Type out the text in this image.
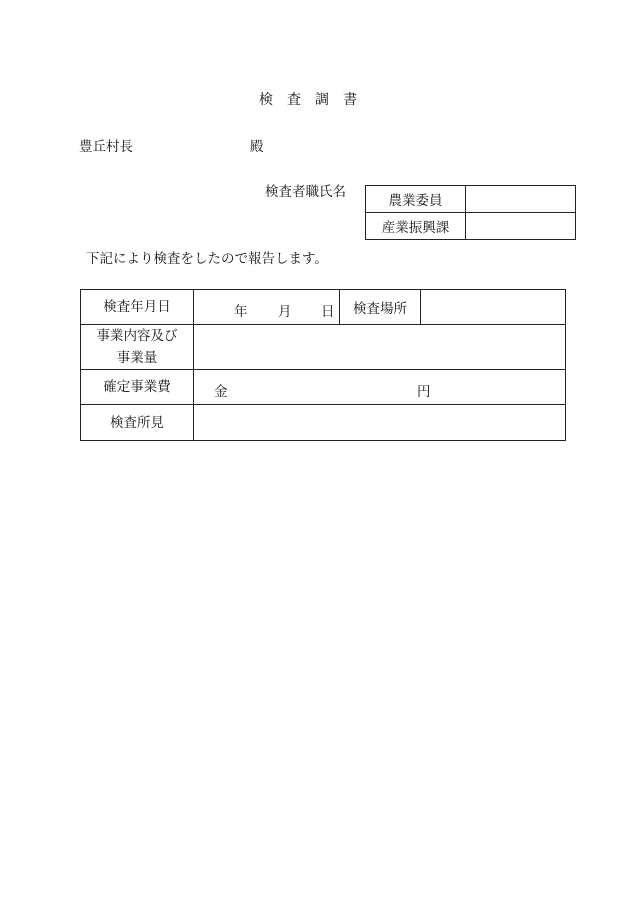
検査調書
豊丘村長	殿
検査者職氏名
農業委員	
産業振興課	
下記により検査をしたので報告します。
検査年月日	年 月 日	検査場所	

事業内容及び
事業量			

確定事業費	金 円		

検査所見			
